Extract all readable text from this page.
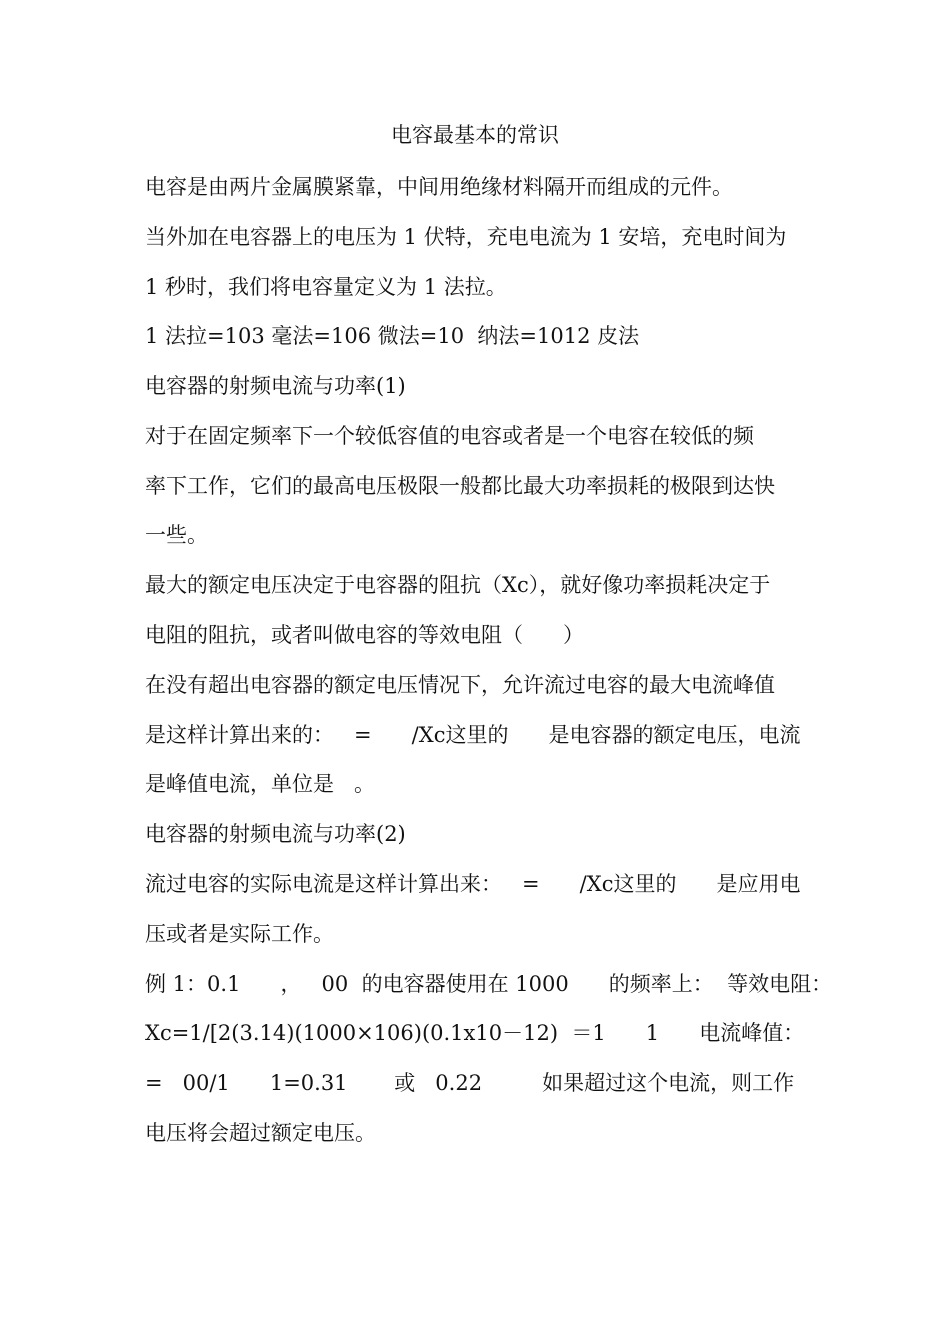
电容最基本的常识
电容是由两片金属膜紧靠，中间用绝缘材料隔开而组成的元件。
当外加在电容器上的电压为 1 伏特，充电电流为 1 安培，充电时间为
1 秒时，我们将电容量定义为 1 法拉。
1 法拉=103 毫法=106 微法=10  纳法=1012 皮法
电容器的射频电流与功率(1)
对于在固定频率下一个较低容值的电容或者是一个电容在较低的频
率下工作，它们的最高电压极限一般都比最大功率损耗的极限到达快
一些。
最大的额定电压决定于电容器的阻抗（Xc），就好像功率损耗决定于
电阻的阻抗，或者叫做电容的等效电阻（      ）
在没有超出电容器的额定电压情况下，允许流过电容的最大电流峰值
是这样计算出来的：   =      /Xc这里的      是电容器的额定电压，电流
是峰值电流，单位是   。
电容器的射频电流与功率(2)
流过电容的实际电流是这样计算出来：   =      /Xc这里的      是应用电
压或者是实际工作。
例 1：0.1      ，   00  的电容器使用在 1000      的频率上：  等效电阻：
Xc=1/[2(3.14)(1000×106)(0.1x10－12)  ＝1      1      电流峰值：
=   00/1      1=0.31       或   0.22         如果超过这个电流，则工作
电压将会超过额定电压。
